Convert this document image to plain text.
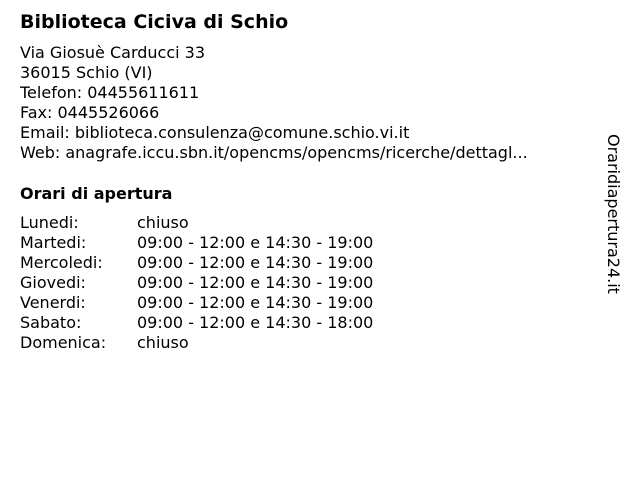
Biblioteca Ciciva di Schio
Via Giosuè Carducci 33
36015 Schio (VI)
Telefon: 04455611611
Fax: 0445526066
Email: biblioteca.consulenza@comune.schio.vi.it
Web: anagrafe.iccu.sbn.it/opencms/opencms/ricerche/dettagl...
Orari di apertura
Lunedi:	chiuso
Martedi:	09:00 - 12:00 e 14:30 - 19:00
Mercoledi: 09:00 - 12:00 e 14:30 - 19:00
Giovedi:	09:00 - 12:00 e 14:30 - 19:00
Venerdi:	09:00 - 12:00 e 14:30 - 19:00
Sabato:	09:00 - 12:00 e 14:30 - 18:00
Domenica: chiuso
Oraridiapertura24.it
